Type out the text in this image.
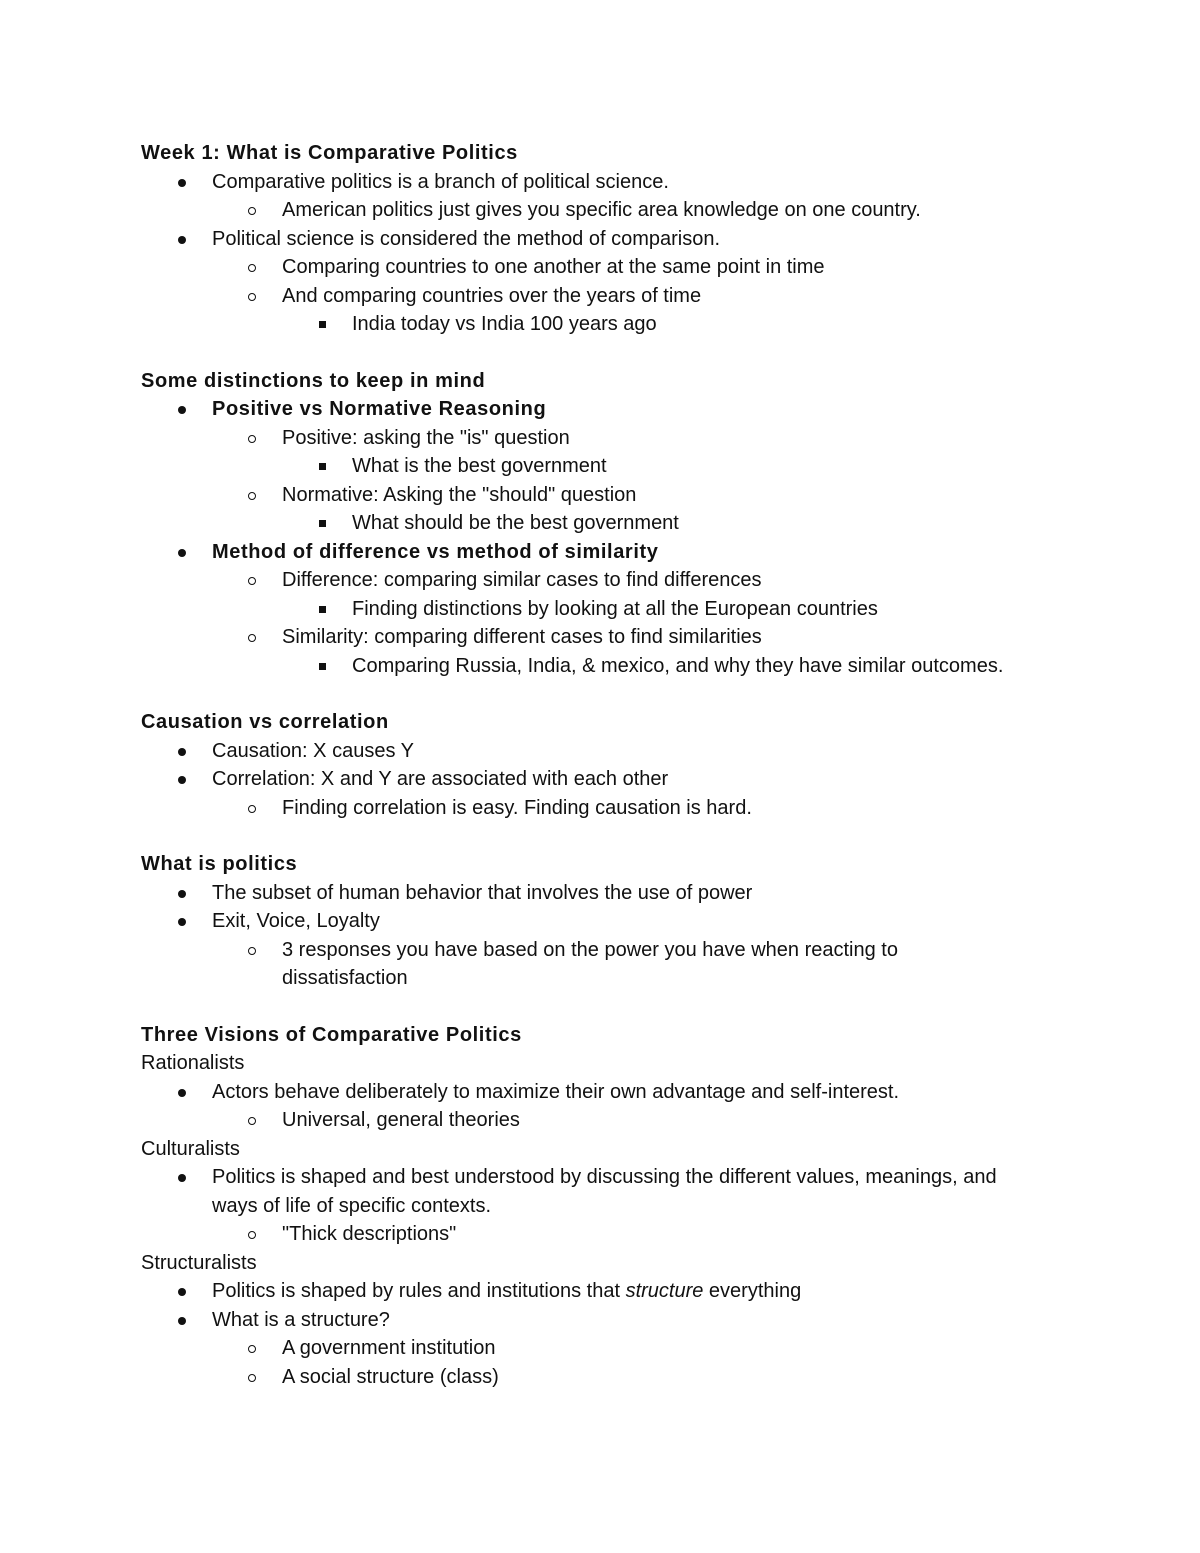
Week 1: What is Comparative Politics
Comparative politics is a branch of political science.
American politics just gives you specific area knowledge on one country.
Political science is considered the method of comparison.
Comparing countries to one another at the same point in time
And comparing countries over the years of time
India today vs India 100 years ago
Some distinctions to keep in mind
Positive vs Normative Reasoning
Positive: asking the "is" question
What is the best government
Normative: Asking the "should" question
What should be the best government
Method of difference vs method of similarity
Difference: comparing similar cases to find differences
Finding distinctions by looking at all the European countries
Similarity: comparing different cases to find similarities
Comparing Russia, India, & mexico, and why they have similar outcomes.
Causation vs correlation
Causation: X causes Y
Correlation: X and Y are associated with each other
Finding correlation is easy. Finding causation is hard.
What is politics
The subset of human behavior that involves the use of power
Exit, Voice, Loyalty
3 responses you have based on the power you have when reacting to
dissatisfaction
Three Visions of Comparative Politics
Rationalists
Actors behave deliberately to maximize their own advantage and self-interest.
Universal, general theories
Culturalists
Politics is shaped and best understood by discussing the different values, meanings, and
ways of life of specific contexts.
"Thick descriptions"
Structuralists
Politics is shaped by rules and institutions that structure everything
What is a structure?
A government institution
A social structure (class)
